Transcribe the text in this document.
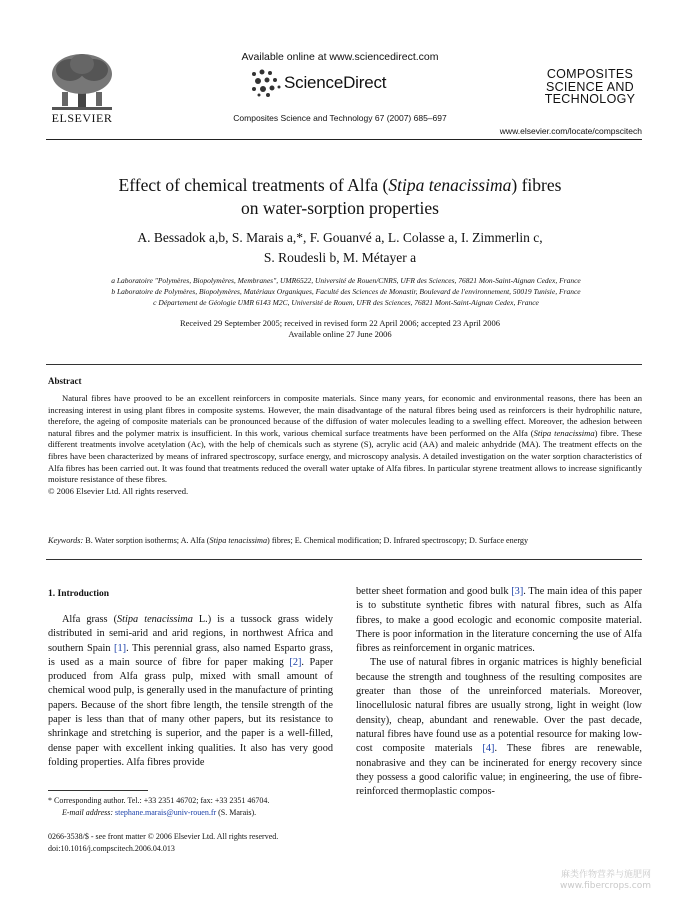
ELSEVIER
Available online at www.sciencedirect.com
ScienceDirect
Composites Science and Technology 67 (2007) 685–697
COMPOSITES
SCIENCE AND
TECHNOLOGY
www.elsevier.com/locate/compscitech
Effect of chemical treatments of Alfa (Stipa tenacissima) fibres
on water-sorption properties
A. Bessadok a,b, S. Marais a,*, F. Gouanvé a, L. Colasse a, I. Zimmerlin c,
S. Roudesli b, M. Métayer a
a Laboratoire "Polymères, Biopolymères, Membranes", UMR6522, Université de Rouen/CNRS, UFR des Sciences, 76821 Mon-Saint-Aignan Cedex, France
b Laboratoire de Polymères, Biopolymères, Matériaux Organiques, Faculté des Sciences de Monastir, Boulevard de l'environnement, 50019 Tunisie, France
c Département de Géologie UMR 6143 M2C, Université de Rouen, UFR des Sciences, 76821 Mont-Saint-Aignan Cedex, France
Received 29 September 2005; received in revised form 22 April 2006; accepted 23 April 2006
Available online 27 June 2006
Abstract
Natural fibres have prooved to be an excellent reinforcers in composite materials. Since many years, for economic and environmental reasons, there has been an increasing interest in using plant fibres in composite systems. However, the main disadvantage of the natural fibres being used as reinforcers is their hydrophilic nature, therefore, the ageing of composite materials can be pronounced because of the diffusion of water molecules leading to a swelling effect. Moreover, the adhesion between natural fibres and the polymer matrix is insufficient. In this work, various chemical surface treatments have been performed on the Alfa (Stipa tenacissima) fibre. These different treatments involve acetylation (Ac), with the help of chemicals such as styrene (S), acrylic acid (AA) and maleic anhydride (MA). The treatment effects on the fibres have been characterized by means of infrared spectroscopy, surface energy, and microscopy analysis. A detailed investigation on the water sorption characteristics of Alfa fibres has been carried out. It was found that treatments reduced the overall water uptake of Alfa fibres. In particular styrene treatment allows to increase significantly moisture resistance of these fibres.
© 2006 Elsevier Ltd. All rights reserved.
Keywords: B. Water sorption isotherms; A. Alfa (Stipa tenacissima) fibres; E. Chemical modification; D. Infrared spectroscopy; D. Surface energy
1. Introduction
Alfa grass (Stipa tenacissima L.) is a tussock grass widely distributed in semi-arid and arid regions, in northwest Africa and southern Spain [1]. This perennial grass, also named Esparto grass, is used as a main source of fibre for paper making [2]. Paper produced from Alfa grass pulp, mixed with small amount of chemical wood pulp, is generally used in the manufacture of printing papers. Because of the short fibre length, the tensile strength of the paper is less than that of many other papers, but its resistance to shrinkage and stretching is superior, and the paper is a well-filled, dense paper with excellent inking qualities. It also has very good folding properties. Alfa fibres provide

better sheet formation and good bulk [3]. The main idea of this paper is to substitute synthetic fibres with natural fibres, such as Alfa fibres, to make a good ecologic and economic composite material. There is poor information in the literature concerning the use of Alfa fibres as reinforcement in organic matrices.

The use of natural fibres in organic matrices is highly beneficial because the strength and toughness of the resulting composites are greater than those of the unreinforced materials. Moreover, linocellulosic natural fibres are usually strong, light in weight (low density), cheap, abundant and renewable. Over the past decade, natural fibres have found use as a potential resource for making low-cost composite materials [4]. These fibres are renewable, nonabrasive and they can be incinerated for energy recovery since they possess a good calorific value; in engineering, the use of fibre-reinforced thermoplastic compos-

* Corresponding author. Tel.: +33 2351 46702; fax: +33 2351 46704.
E-mail address: stephane.marais@univ-rouen.fr (S. Marais).
0266-3538/$ - see front matter © 2006 Elsevier Ltd. All rights reserved.
doi:10.1016/j.compscitech.2006.04.013
麻类作物营养与施肥网
www.fibercrops.com
